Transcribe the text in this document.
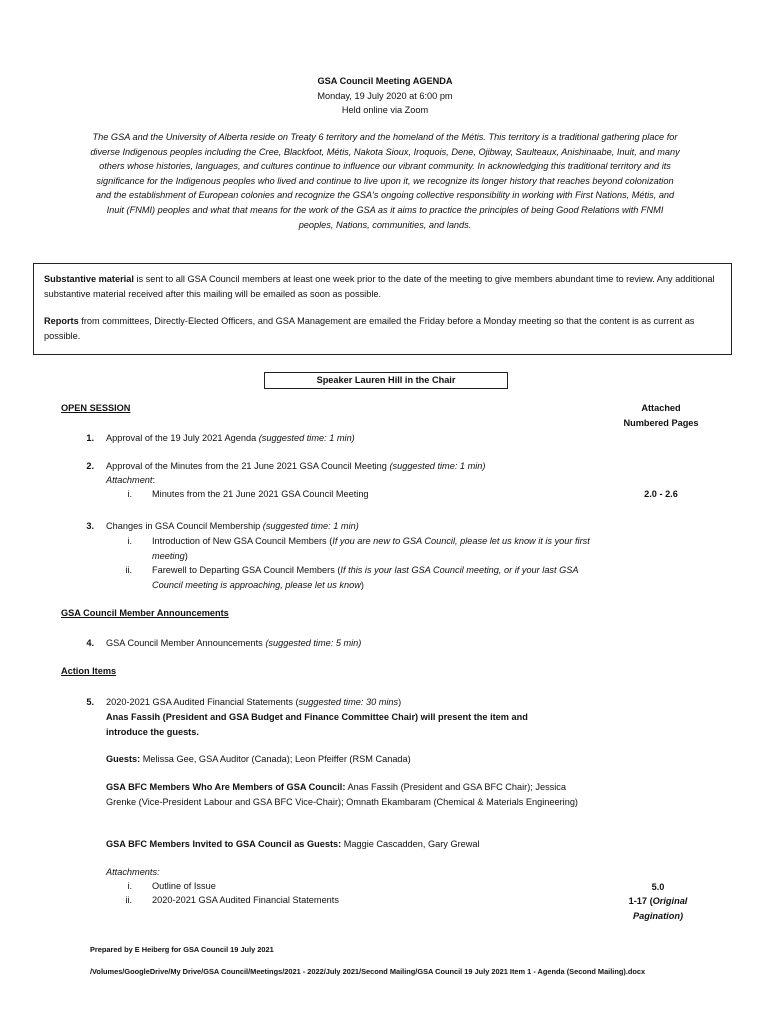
GSA Council Meeting AGENDA
Monday, 19 July 2020 at 6:00 pm
Held online via Zoom
The GSA and the University of Alberta reside on Treaty 6 territory and the homeland of the Métis. This territory is a traditional gathering place for diverse Indigenous peoples including the Cree, Blackfoot, Métis, Nakota Sioux, Iroquois, Dene, Ojibway, Saulteaux, Anishinaabe, Inuit, and many others whose histories, languages, and cultures continue to influence our vibrant community. In acknowledging this traditional territory and its significance for the Indigenous peoples who lived and continue to live upon it, we recognize its longer history that reaches beyond colonization and the establishment of European colonies and recognize the GSA's ongoing collective responsibility in working with First Nations, Métis, and Inuit (FNMI) peoples and what that means for the work of the GSA as it aims to practice the principles of being Good Relations with FNMI peoples, Nations, communities, and lands.

Substantive material is sent to all GSA Council members at least one week prior to the date of the meeting to give members abundant time to review. Any additional substantive material received after this mailing will be emailed as soon as possible.

Reports from committees, Directly-Elected Officers, and GSA Management are emailed the Friday before a Monday meeting so that the content is as current as possible.

Speaker Lauren Hill in the Chair
OPEN SESSION	Attached
Numbered Pages
1. Approval of the 19 July 2021 Agenda (suggested time: 1 min)
2. Approval of the Minutes from the 21 June 2021 GSA Council Meeting (suggested time: 1 min)
Attachment:
i. Minutes from the 21 June 2021 GSA Council Meeting	2.0 - 2.6
3. Changes in GSA Council Membership (suggested time: 1 min)
i. Introduction of New GSA Council Members (If you are new to GSA Council, please let us know it is your first meeting)
ii. Farewell to Departing GSA Council Members (If this is your last GSA Council meeting, or if your last GSA Council meeting is approaching, please let us know)
GSA Council Member Announcements
4. GSA Council Member Announcements (suggested time: 5 min)
Action Items
5. 2020-2021 GSA Audited Financial Statements (suggested time: 30 mins)
Anas Fassih (President and GSA Budget and Finance Committee Chair) will present the item and introduce the guests.
Guests: Melissa Gee, GSA Auditor (Canada); Leon Pfeiffer (RSM Canada)
GSA BFC Members Who Are Members of GSA Council: Anas Fassih (President and GSA BFC Chair); Jessica Grenke (Vice-President Labour and GSA BFC Vice-Chair); Omnath Ekambaram (Chemical & Materials Engineering)
GSA BFC Members Invited to GSA Council as Guests: Maggie Cascadden, Gary Grewal
Attachments:
i. Outline of Issue	5.0
ii. 2020-2021 GSA Audited Financial Statements	1-17 (Original
Pagination)
Prepared by E Heiberg for GSA Council 19 July 2021
/Volumes/GoogleDrive/My Drive/GSA Council/Meetings/2021 - 2022/July 2021/Second Mailing/GSA Council 19 July 2021 Item 1 - Agenda (Second Mailing).docx
